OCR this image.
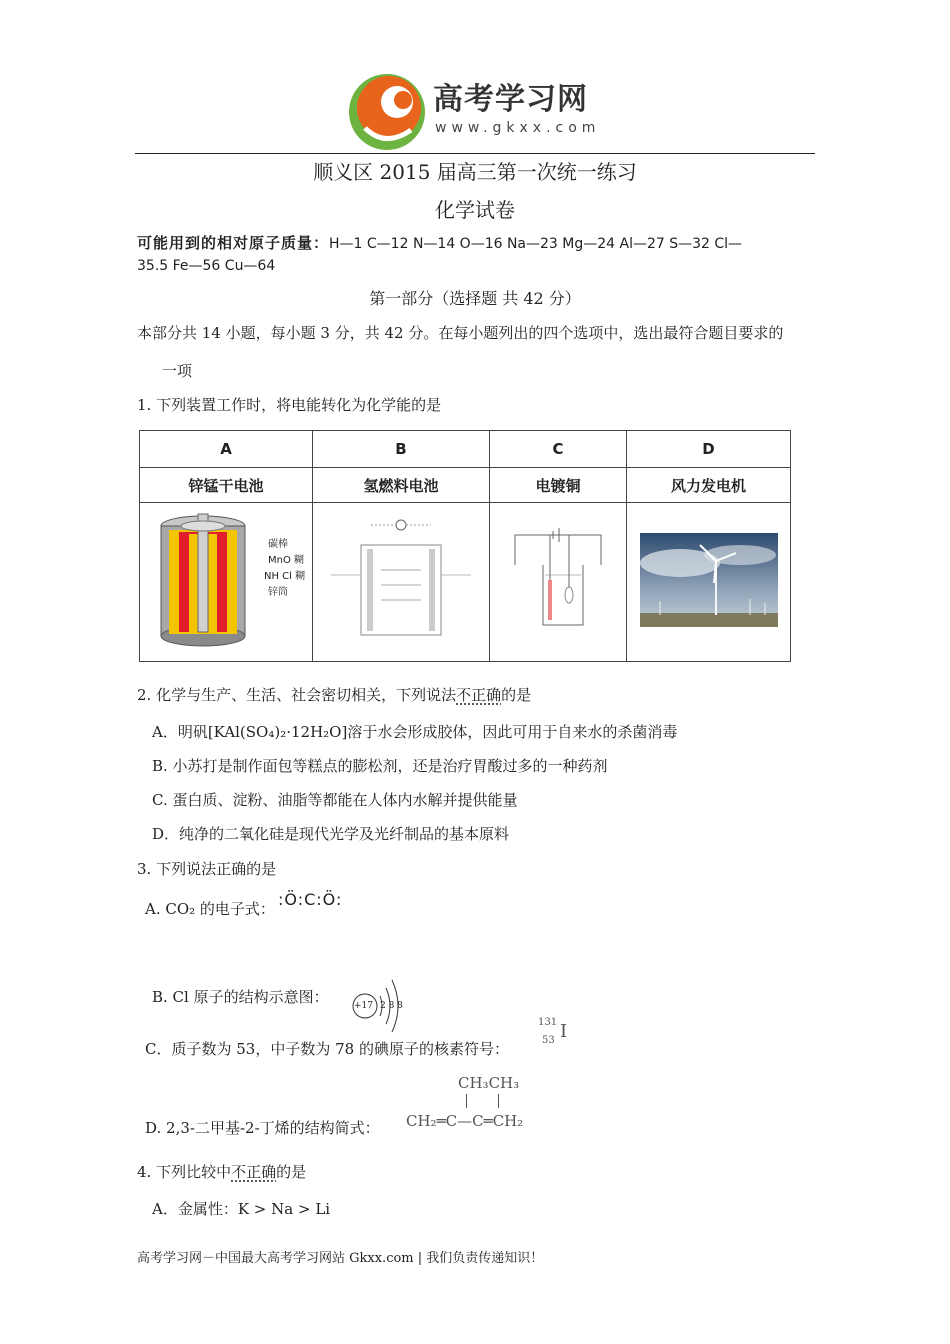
高考学习网
www.gkxx.com
顺义区 2015 届高三第一次统一练习
化学试卷
可能用到的相对原子质量：H—1 C—12 N—14 O—16 Na—23 Mg—24 Al—27 S—32 Cl—
35.5 Fe—56 Cu—64
第一部分（选择题 共 42 分）
本部分共 14 小题，每小题 3 分，共 42 分。在每小题列出的四个选项中，选出最符合题目要求的
一项
1. 下列装置工作时，将电能转化为化学能的是
A	B	C	D
锌锰干电池	氢燃料电池	电镀铜	风力发电机

碳棒
MnO 糊
NH Cl 糊
锌筒

2. 化学与生产、生活、社会密切相关，下列说法不正确的是
A．明矾[KAl(SO₄)₂·12H₂O]溶于水会形成胶体，因此可用于自来水的杀菌消毒
B. 小苏打是制作面包等糕点的膨松剂，还是治疗胃酸过多的一种药剂
C. 蛋白质、淀粉、油脂等都能在人体内水解并提供能量
D．纯净的二氧化硅是现代光学及光纤制品的基本原料
3. 下列说法正确的是
A. CO₂ 的电子式： :Ö:C:Ö:
B. Cl 原子的结构示意图：	+17 2 8 8
C．质子数为 53，中子数为 78 的碘原子的核素符号：
131
53 I
D. 2,3-二甲基-2-丁烯的结构简式：
CH₃CH₃
CH₂═C—C═CH₂
4. 下列比较中不正确的是
A．金属性：K > Na > Li
高考学习网－中国最大高考学习网站 Gkxx.com | 我们负责传递知识！
